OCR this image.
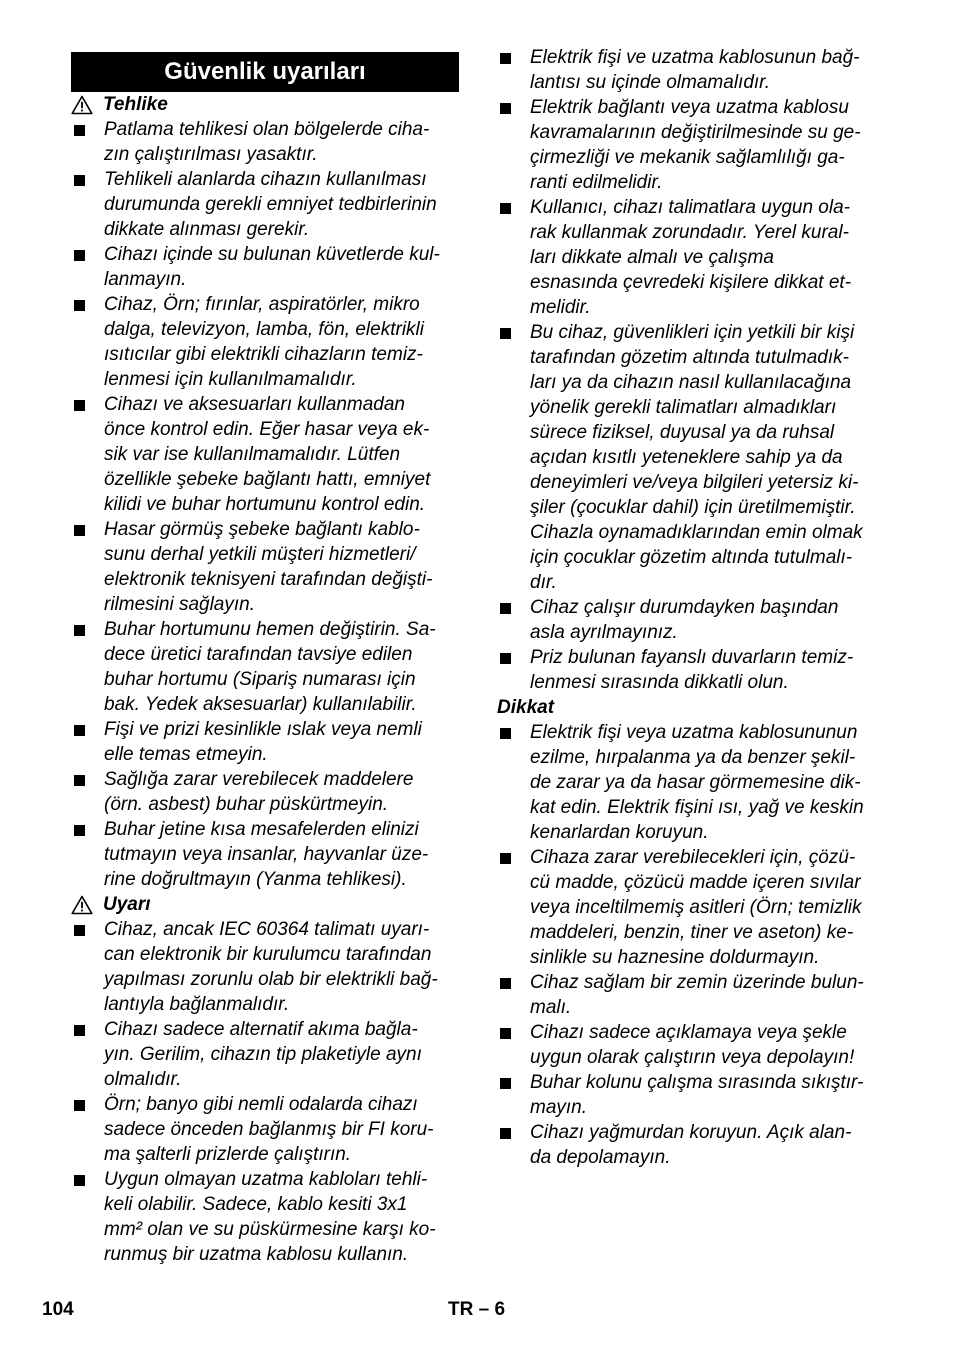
Güvenlik uyarıları
Tehlike
Patlama tehlikesi olan bölgelerde ciha-
zın çalıştırılması yasaktır.
Tehlikeli alanlarda cihazın kullanılması
durumunda gerekli emniyet tedbirlerinin
dikkate alınması gerekir.
Cihazı içinde su bulunan küvetlerde kul-
lanmayın.
Cihaz, Örn; fırınlar, aspiratörler, mikro
dalga, televizyon, lamba, fön, elektrikli
ısıtıcılar gibi elektrikli cihazların temiz-
lenmesi için kullanılmamalıdır.
Cihazı ve aksesuarları kullanmadan
önce kontrol edin. Eğer hasar veya ek-
sik var ise kullanılmamalıdır. Lütfen
özellikle şebeke bağlantı hattı, emniyet
kilidi ve buhar hortumunu kontrol edin.
Hasar görmüş şebeke bağlantı kablo-
sunu derhal yetkili müşteri hizmetleri/
elektronik teknisyeni tarafından değişti-
rilmesini sağlayın.
Buhar hortumunu hemen değiştirin. Sa-
dece üretici tarafından tavsiye edilen
buhar hortumu (Sipariş numarası için
bak. Yedek aksesuarlar) kullanılabilir.
Fişi ve prizi kesinlikle ıslak veya nemli
elle temas etmeyin.
Sağlığa zarar verebilecek maddelere
(örn. asbest) buhar püskürtmeyin.
Buhar jetine kısa mesafelerden elinizi
tutmayın veya insanlar, hayvanlar üze-
rine doğrultmayın (Yanma tehlikesi).
Uyarı
Cihaz, ancak IEC 60364 talimatı uyarı-
can elektronik bir kurulumcu tarafından
yapılması zorunlu olab bir elektrikli bağ-
lantıyla bağlanmalıdır.
Cihazı sadece alternatif akıma bağla-
yın. Gerilim, cihazın tip plaketiyle aynı
olmalıdır.
Örn; banyo gibi nemli odalarda cihazı
sadece önceden bağlanmış bir FI koru-
ma şalterli prizlerde çalıştırın.
Uygun olmayan uzatma kabloları tehli-
keli olabilir. Sadece, kablo kesiti 3x1
mm² olan ve su püskürmesine karşı ko-
runmuş bir uzatma kablosu kullanın.
Elektrik fişi ve uzatma kablosunun bağ-
lantısı su içinde olmamalıdır.
Elektrik bağlantı veya uzatma kablosu
kavramalarının değiştirilmesinde su ge-
çirmezliği ve mekanik sağlamlılığı ga-
ranti edilmelidir.
Kullanıcı, cihazı talimatlara uygun ola-
rak kullanmak zorundadır. Yerel kural-
ları dikkate almalı ve çalışma
esnasında çevredeki kişilere dikkat et-
melidir.
Bu cihaz, güvenlikleri için yetkili bir kişi
tarafından gözetim altında tutulmadık-
ları ya da cihazın nasıl kullanılacağına
yönelik gerekli talimatları almadıkları
sürece fiziksel, duyusal ya da ruhsal
açıdan kısıtlı yeteneklere sahip ya da
deneyimleri ve/veya bilgileri yetersiz ki-
şiler (çocuklar dahil) için üretilmemiştir.
Cihazla oynamadıklarından emin olmak
için çocuklar gözetim altında tutulmalı-
dır.
Cihaz çalışır durumdayken başından
asla ayrılmayınız.
Priz bulunan fayanslı duvarların temiz-
lenmesi sırasında dikkatli olun.
Dikkat
Elektrik fişi veya uzatma kablosununun
ezilme, hırpalanma ya da benzer şekil-
de zarar ya da hasar görmemesine dik-
kat edin. Elektrik fişini ısı, yağ ve keskin
kenarlardan koruyun.
Cihaza zarar verebilecekleri için, çözü-
cü madde, çözücü madde içeren sıvılar
veya inceltilmemiş asitleri (Örn; temizlik
maddeleri, benzin, tiner ve aseton) ke-
sinlikle su haznesine doldurmayın.
Cihaz sağlam bir zemin üzerinde bulun-
malı.
Cihazı sadece açıklamaya veya şekle
uygun olarak çalıştırın veya depolayın!
Buhar kolunu çalışma sırasında sıkıştır-
mayın.
Cihazı yağmurdan koruyun. Açık alan-
da depolamayın.
104	TR – 6
